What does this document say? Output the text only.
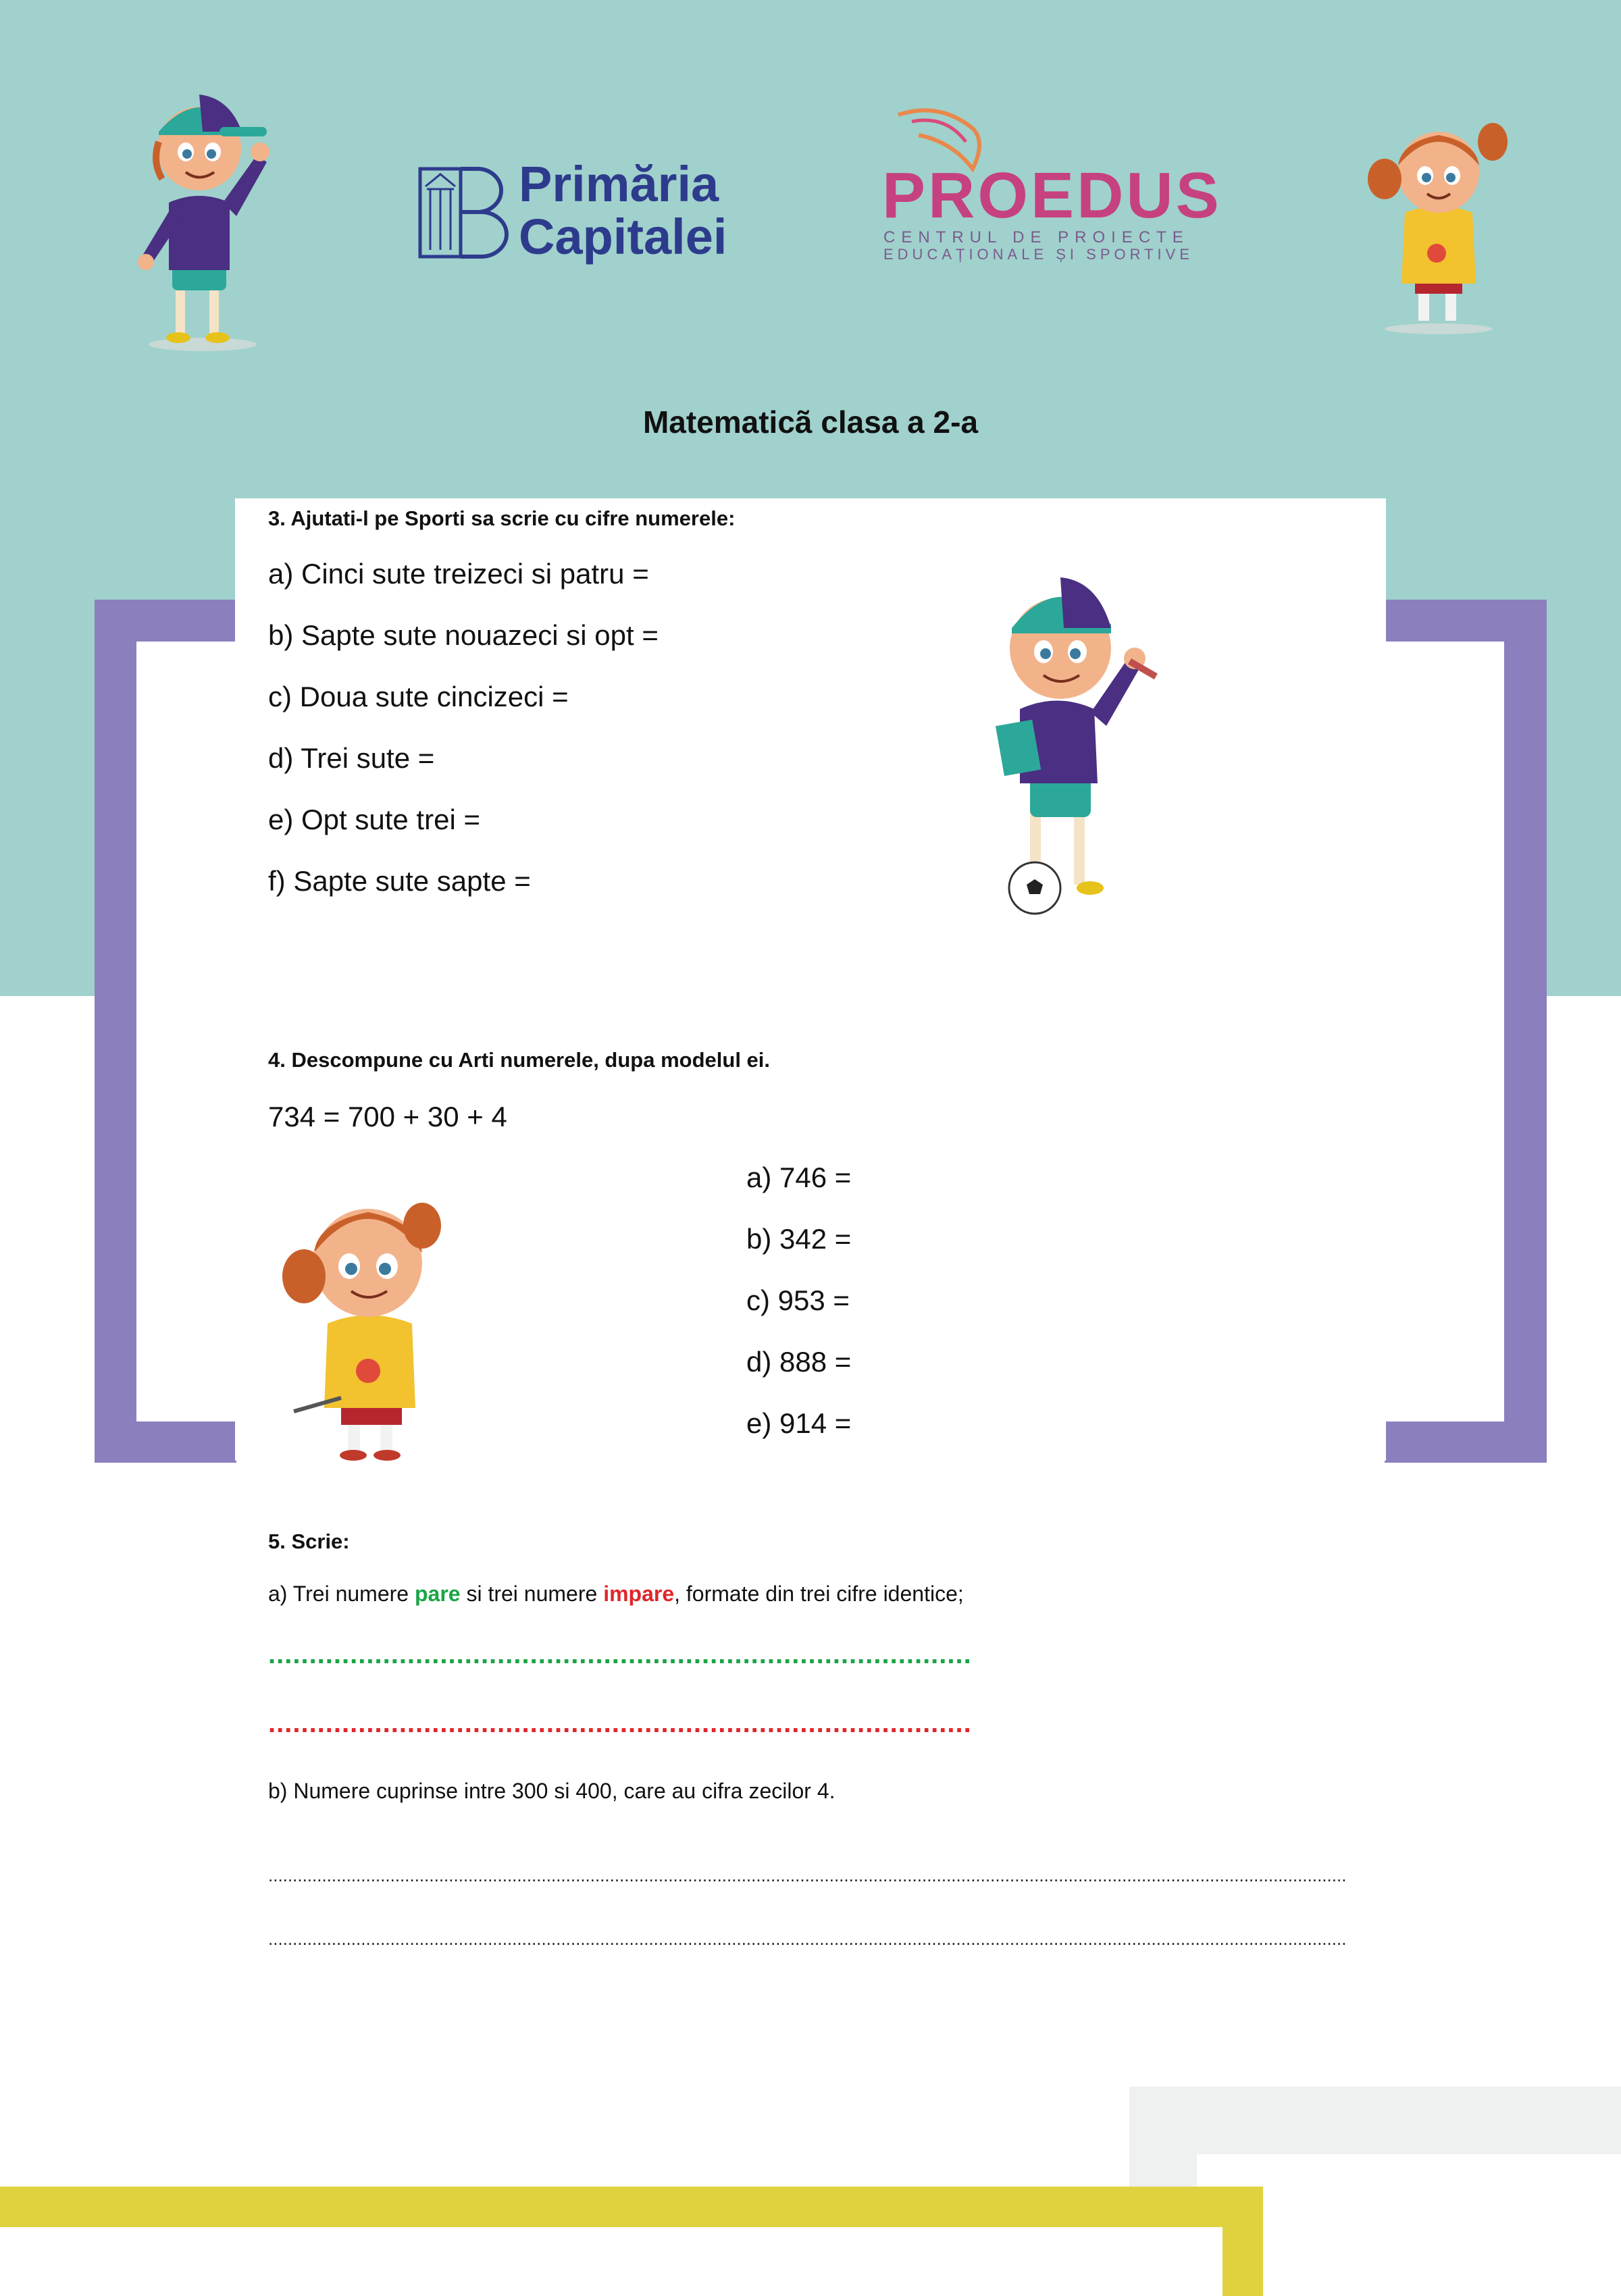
Primăria
Capitalei
PROEDUS
CENTRUL DE PROIECTE
EDUCAȚIONALE ȘI SPORTIVE
Matematicã clasa a 2-a
3. Ajutati-l pe Sporti sa scrie cu cifre numerele:
a) Cinci sute treizeci si patru =
b) Sapte sute nouazeci si opt =
c) Doua sute cincizeci =
d) Trei sute =
e) Opt sute trei =
f) Sapte sute sapte =
4. Descompune cu Arti numerele, dupa modelul ei.
734 = 700 + 30 + 4
a) 746 =
b) 342 =
c) 953 =
d) 888 =
e) 914 =
5. Scrie:
a) Trei numere pare si trei numere impare, formate din trei cifre identice;
......................................................................................
......................................................................................
b) Numere cuprinse intre 300 si 400, care au cifra zecilor 4.
.............................................................................................................................................................................................................................
.............................................................................................................................................................................................................................
